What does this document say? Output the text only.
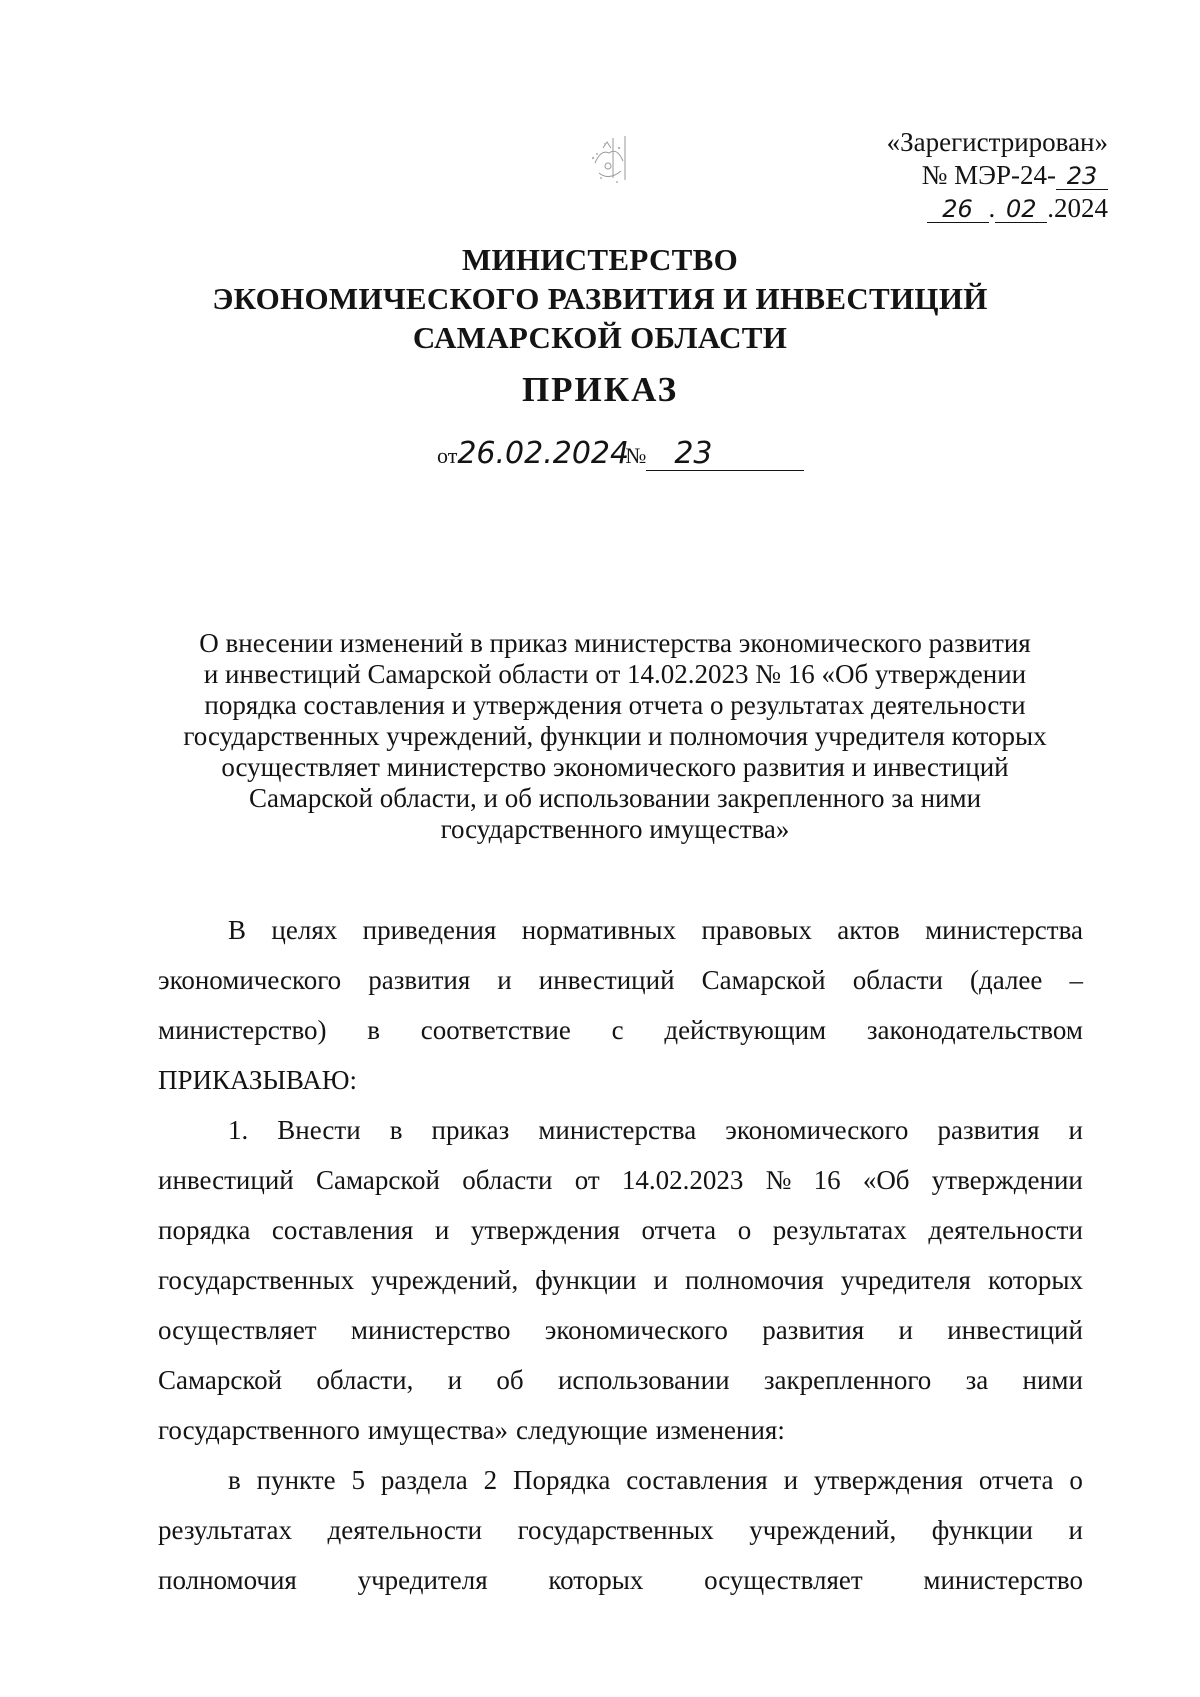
«Зарегистрирован»
№ МЭР-24- 23
26 . 02 .2024
МИНИСТЕРСТВО
ЭКОНОМИЧЕСКОГО РАЗВИТИЯ И ИНВЕСТИЦИЙ
САМАРСКОЙ ОБЛАСТИ
ПРИКАЗ
от26.02.2024№ 23
О внесении изменений в приказ министерства экономического развития
и инвестиций Самарской области от 14.02.2023 № 16 «Об утверждении
порядка составления и утверждения отчета о результатах деятельности
государственных учреждений, функции и полномочия учредителя которых
осуществляет министерство экономического развития и инвестиций
Самарской области, и об использовании закрепленного за ними
государственного имущества»
В целях приведения нормативных правовых актов министерства
экономического развития и инвестиций Самарской области (далее –
министерство) в соответствие с действующим законодательством
ПРИКАЗЫВАЮ:
1. Внести в приказ министерства экономического развития и
инвестиций Самарской области от 14.02.2023 № 16 «Об утверждении
порядка составления и утверждения отчета о результатах деятельности
государственных учреждений, функции и полномочия учредителя которых
осуществляет министерство экономического развития и инвестиций
Самарской области, и об использовании закрепленного за ними
государственного имущества» следующие изменения:
в пункте 5 раздела 2 Порядка составления и утверждения отчета о
результатах деятельности государственных учреждений, функции и
полномочия учредителя которых осуществляет министерство
